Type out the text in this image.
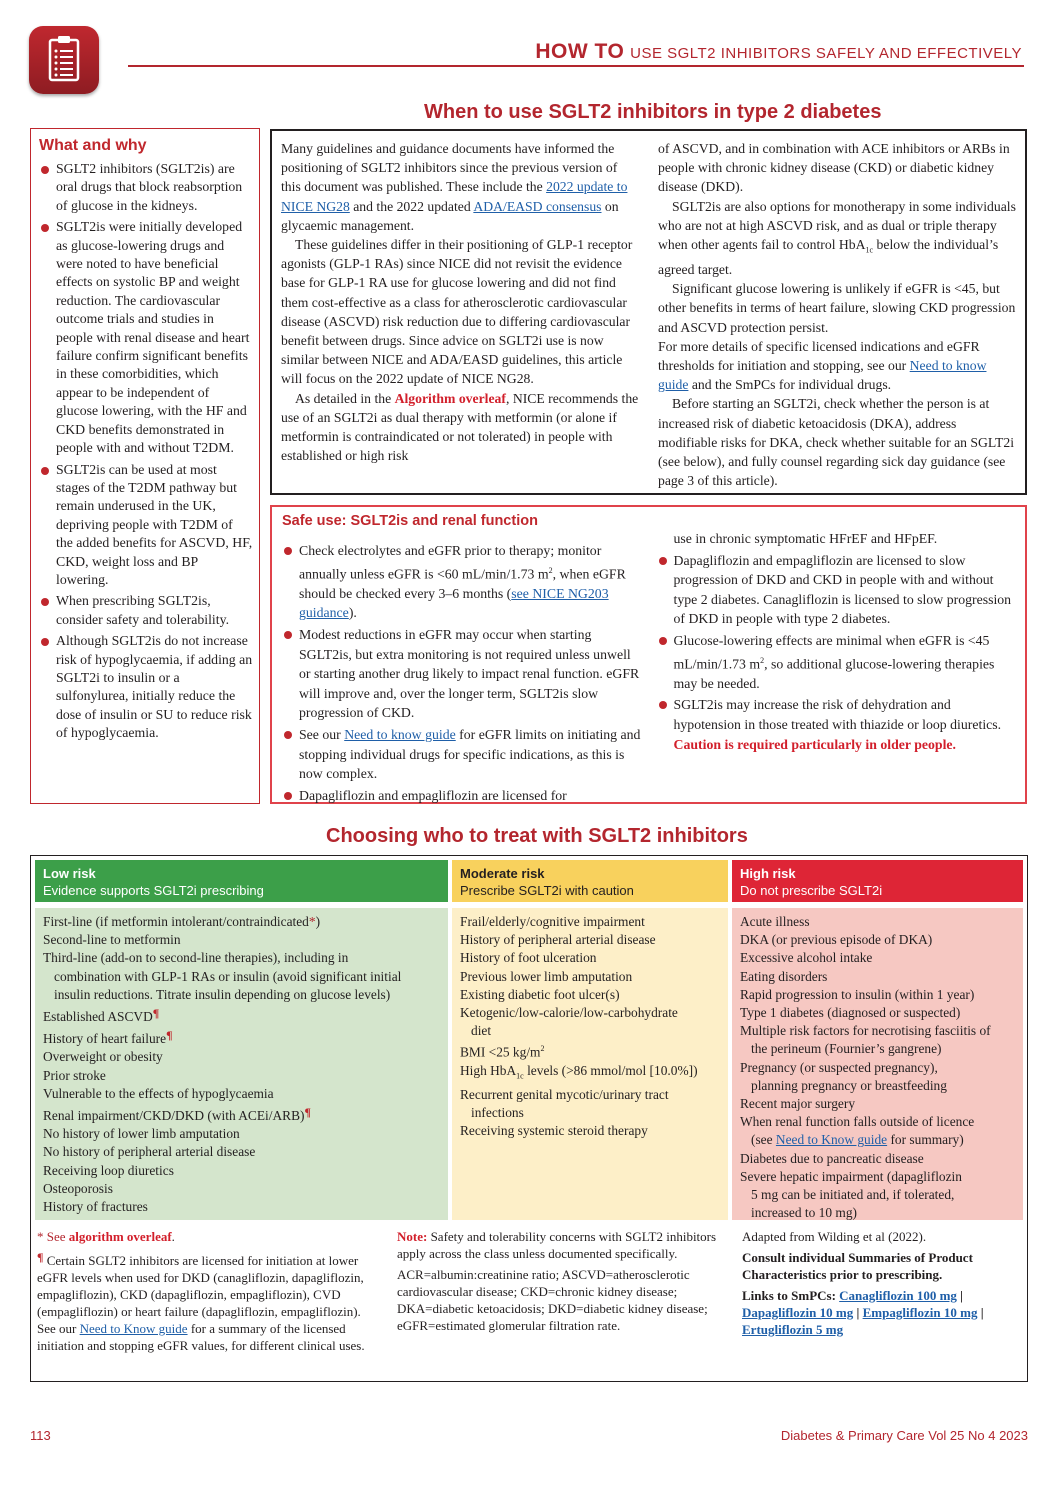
HOW TO USE SGLT2 INHIBITORS SAFELY AND EFFECTIVELY
When to use SGLT2 inhibitors in type 2 diabetes
What and why
SGLT2 inhibitors (SGLT2is) are oral drugs that block reabsorption of glucose in the kidneys.
SGLT2is were initially developed as glucose-lowering drugs and were noted to have beneficial effects on systolic BP and weight reduction. The cardiovascular outcome trials and studies in people with renal disease and heart failure confirm significant benefits in these comorbidities, which appear to be independent of glucose lowering, with the HF and CKD benefits demonstrated in people with and without T2DM.
SGLT2is can be used at most stages of the T2DM pathway but remain underused in the UK, depriving people with T2DM of the added benefits for ASCVD, HF, CKD, weight loss and BP lowering.
When prescribing SGLT2is, consider safety and tolerability.
Although SGLT2is do not increase risk of hypoglycaemia, if adding an SGLT2i to insulin or a sulfonylurea, initially reduce the dose of insulin or SU to reduce risk of hypoglycaemia.

Many guidelines and guidance documents have informed the positioning of SGLT2 inhibitors since the previous version of this document was published. These include the 2022 update to NICE NG28 and the 2022 updated ADA/EASD consensus on glycaemic management.

These guidelines differ in their positioning of GLP-1 receptor agonists (GLP-1 RAs) since NICE did not revisit the evidence base for GLP-1 RA use for glucose lowering and did not find them cost-effective as a class for atherosclerotic cardiovascular disease (ASCVD) risk reduction due to differing cardiovascular benefit between drugs. Since advice on SGLT2i use is now similar between NICE and ADA/EASD guidelines, this article will focus on the 2022 update of NICE NG28.

As detailed in the Algorithm overleaf, NICE recommends the use of an SGLT2i as dual therapy with metformin (or alone if metformin is contraindicated or not tolerated) in people with established or high risk

of ASCVD, and in combination with ACE inhibitors or ARBs in people with chronic kidney disease (CKD) or diabetic kidney disease (DKD).

SGLT2is are also options for monotherapy in some individuals who are not at high ASCVD risk, and as dual or triple therapy when other agents fail to control HbA$_{1c}$ below the individual’s agreed target.

Significant glucose lowering is unlikely if eGFR is <45, but other benefits in terms of heart failure, slowing CKD progression and ASCVD protection persist.

For more details of specific licensed indications and eGFR thresholds for initiation and stopping, see our Need to know guide and the SmPCs for individual drugs.

Before starting an SGLT2i, check whether the person is at increased risk of diabetic ketoacidosis (DKA), address modifiable risks for DKA, check whether suitable for an SGLT2i (see below), and fully counsel regarding sick day guidance (see page 3 of this article).

Safe use: SGLT2is and renal function
Check electrolytes and eGFR prior to therapy; monitor annually unless eGFR is <60 mL/min/1.73 $m^2$, when eGFR should be checked every 3–6 months (see NICE NG203 guidance).
Modest reductions in eGFR may occur when starting SGLT2is, but extra monitoring is not required unless unwell or starting another drug likely to impact renal function. eGFR will improve and, over the longer term, SGLT2is slow progression of CKD.
See our Need to know guide for eGFR limits on initiating and stopping individual drugs for specific indications, as this is now complex.
Dapagliflozin and empagliflozin are licensed for

use in chronic symptomatic HFrEF and HFpEF.

Dapagliflozin and empagliflozin are licensed to slow progression of DKD and CKD in people with and without type 2 diabetes. Canagliflozin is licensed to slow progression of DKD in people with type 2 diabetes.
Glucose-lowering effects are minimal when eGFR is <45 mL/min/1.73 $m^2$, so additional glucose-lowering therapies may be needed.
SGLT2is may increase the risk of dehydration and hypotension in those treated with thiazide or loop diuretics. Caution is required particularly in older people.
Choosing who to treat with SGLT2 inhibitors
Low risk
Evidence supports SGLT2i prescribing
First-line (if metformin intolerant/contraindicated*)
Second-line to metformin
Third-line (add-on to second-line therapies), including in
combination with GLP-1 RAs or insulin (avoid significant initial
insulin reductions. Titrate insulin depending on glucose levels)
Established ASCVD¶
History of heart failure¶
Overweight or obesity
Prior stroke
Vulnerable to the effects of hypoglycaemia
Renal impairment/CKD/DKD (with ACEi/ARB)¶
No history of lower limb amputation
No history of peripheral arterial disease
Receiving loop diuretics
Osteoporosis
History of fractures
Moderate risk
Prescribe SGLT2i with caution
Frail/elderly/cognitive impairment
History of peripheral arterial disease
History of foot ulceration
Previous lower limb amputation
Existing diabetic foot ulcer(s)
Ketogenic/low-calorie/low-carbohydrate
diet
BMI <25 $kg/m^2$
High HbA$_{1c}$ levels (>86 mmol/mol [10.0%])
Recurrent genital mycotic/urinary tract
infections
Receiving systemic steroid therapy
High risk
Do not prescribe SGLT2i
Acute illness
DKA (or previous episode of DKA)
Excessive alcohol intake
Eating disorders
Rapid progression to insulin (within 1 year)
Type 1 diabetes (diagnosed or suspected)
Multiple risk factors for necrotising fasciitis of
the perineum (Fournier’s gangrene)
Pregnancy (or suspected pregnancy),
planning pregnancy or breastfeeding
Recent major surgery
When renal function falls outside of licence
(see Need to Know guide for summary)
Diabetes due to pancreatic disease
Severe hepatic impairment (dapagliflozin
5 mg can be initiated and, if tolerated,
increased to 10 mg)

* See algorithm overleaf.

¶ Certain SGLT2 inhibitors are licensed for initiation at lower eGFR levels when used for DKD (canagliflozin, dapagliflozin, empagliflozin), CKD (dapagliflozin, empagliflozin), CVD (empagliflozin) or heart failure (dapagliflozin, empagliflozin). See our Need to Know guide for a summary of the licensed initiation and stopping eGFR values, for different clinical uses.

Note: Safety and tolerability concerns with SGLT2 inhibitors apply across the class unless documented specifically.

ACR=albumin:creatinine ratio; ASCVD=atherosclerotic cardiovascular disease; CKD=chronic kidney disease; DKA=diabetic ketoacidosis; DKD=diabetic kidney disease; eGFR=estimated glomerular filtration rate.

Adapted from Wilding et al (2022).

Consult individual Summaries of Product Characteristics prior to prescribing.

Links to SmPCs: Canagliflozin 100 mg | Dapagliflozin 10 mg | Empagliflozin 10 mg | Ertugliflozin 5 mg

113	Diabetes & Primary Care Vol 25 No 4 2023
